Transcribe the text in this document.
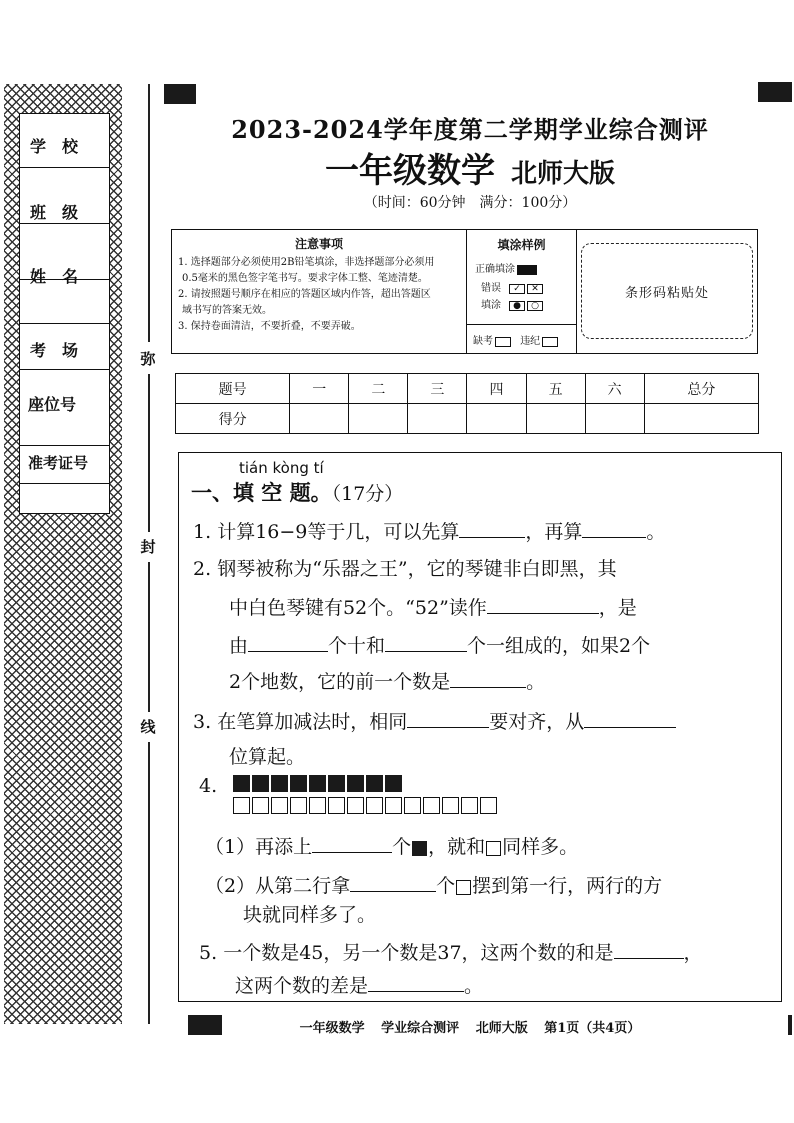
学　校
班　级
姓　名
考　场
座位号
准考证号
弥
封
线
2023-2024学年度第二学期学业综合测评
一年级数学 北师大版
（时间：60分钟　满分：100分）
注意事项
1. 选择题部分必须使用2B铅笔填涂，非选择题部分必须用
0.5毫米的黑色签字笔书写。要求字体工整、笔迹清楚。
2. 请按照题号顺序在相应的答题区域内作答，超出答题区
域书写的答案无效。
3. 保持卷面清洁，不要折叠，不要弄破。
填涂样例
正确填涂
错误 ✓ ✕
填涂 ● ○
缺考	违纪
条形码粘贴处
题号	一	二	三	四	五	六	总分
得分							
tián kòng tí
一、填 空 题。（17分）
1. 计算16−9等于几，可以先算	，再算	。
2. 钢琴被称为“乐器之王”，它的琴键非白即黑，其
中白色琴键有52个。“52”读作	，是
由	个十和	个一组成的，如果2个
2个地数，它的前一个数是	。
3. 在笔算加减法时，相同	要对齐，从
位算起。
4.
（1）再添上	个 ，就和 同样多。
（2）从第二行拿	个 摆到第一行，两行的方
块就同样多了。
5. 一个数是45，另一个数是37，这两个数的和是	，
这两个数的差是	。
一年级数学 学业综合测评 北师大版 第1页（共4页）
